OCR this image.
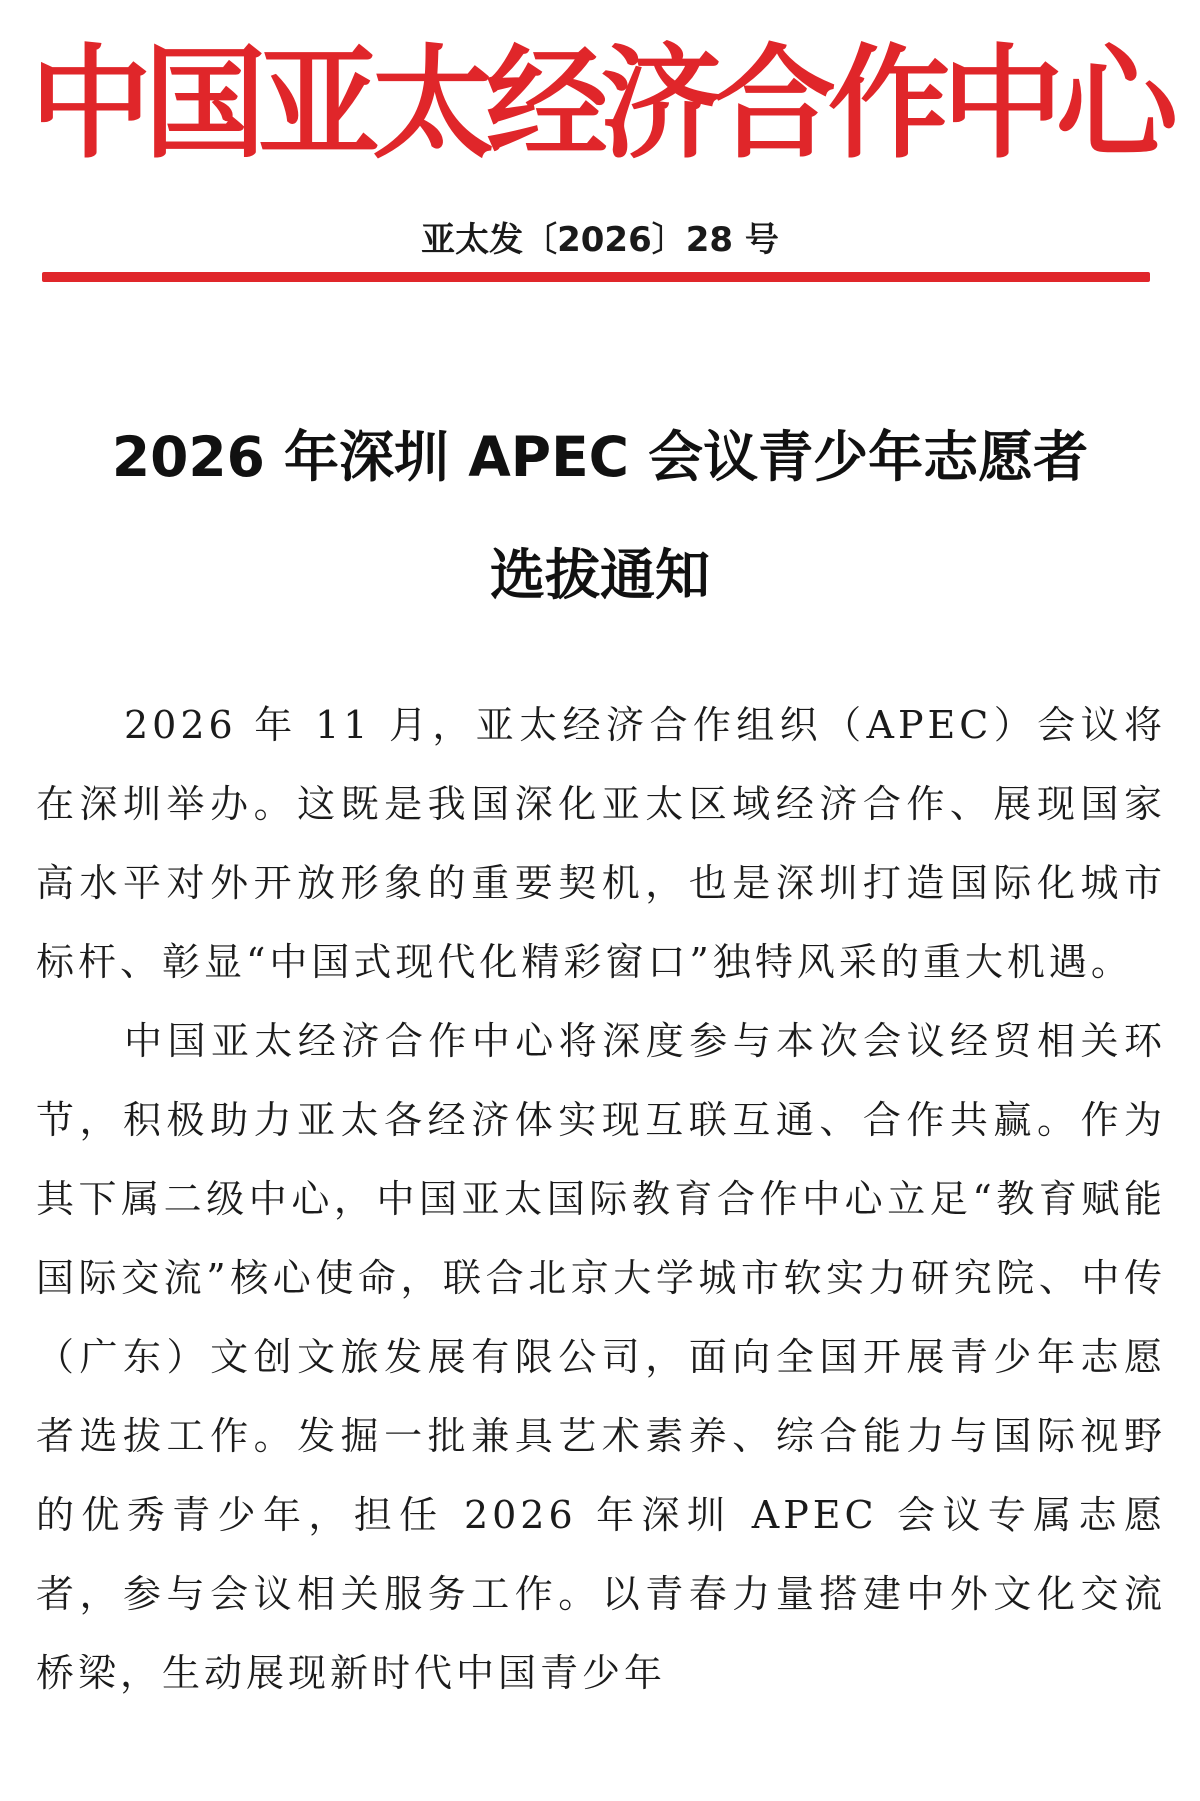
中国亚太经济合作中心
亚太发〔2026〕28 号
2026 年深圳 APEC 会议青少年志愿者
选拔通知

2026 年 11 月，亚太经济合作组织（APEC）会议将在深圳举办。这既是我国深化亚太区域经济合作、展现国家高水平对外开放形象的重要契机，也是深圳打造国际化城市标杆、彰显“中国式现代化精彩窗口”独特风采的重大机遇。

中国亚太经济合作中心将深度参与本次会议经贸相关环节，积极助力亚太各经济体实现互联互通、合作共赢。作为其下属二级中心，中国亚太国际教育合作中心立足“教育赋能国际交流”核心使命，联合北京大学城市软实力研究院、中传（广东）文创文旅发展有限公司，面向全国开展青少年志愿者选拔工作。发掘一批兼具艺术素养、综合能力与国际视野的优秀青少年，担任 2026 年深圳 APEC 会议专属志愿者，参与会议相关服务工作。以青春力量搭建中外文化交流桥梁，生动展现新时代中国青少年
